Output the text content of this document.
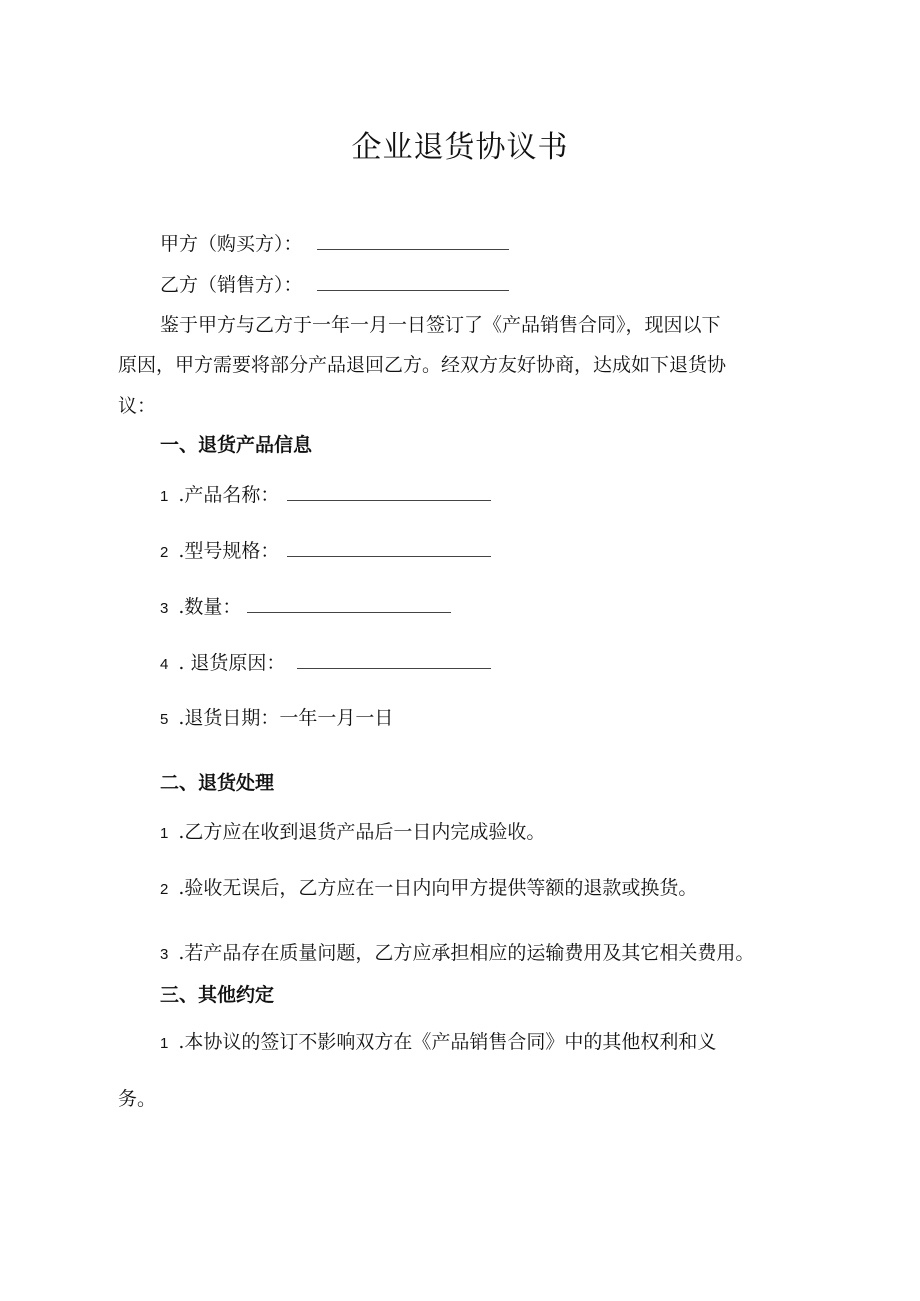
企业退货协议书
甲方（购买方）：
乙方（销售方）：
鉴于甲方与乙方于一年一月一日签订了《产品销售合同》，现因以下
原因，甲方需要将部分产品退回乙方。经双方友好协商，达成如下退货协
议：
一、退货产品信息
1 .产品名称：
2 .型号规格：
3 .数量：
4 . 退货原因：
5 .退货日期：一年一月一日
二、退货处理
1 .乙方应在收到退货产品后一日内完成验收。
2 .验收无误后，乙方应在一日内向甲方提供等额的退款或换货。
3 .若产品存在质量问题，乙方应承担相应的运输费用及其它相关费用。
三、其他约定
1 .本协议的签订不影响双方在《产品销售合同》中的其他权利和义
务。
